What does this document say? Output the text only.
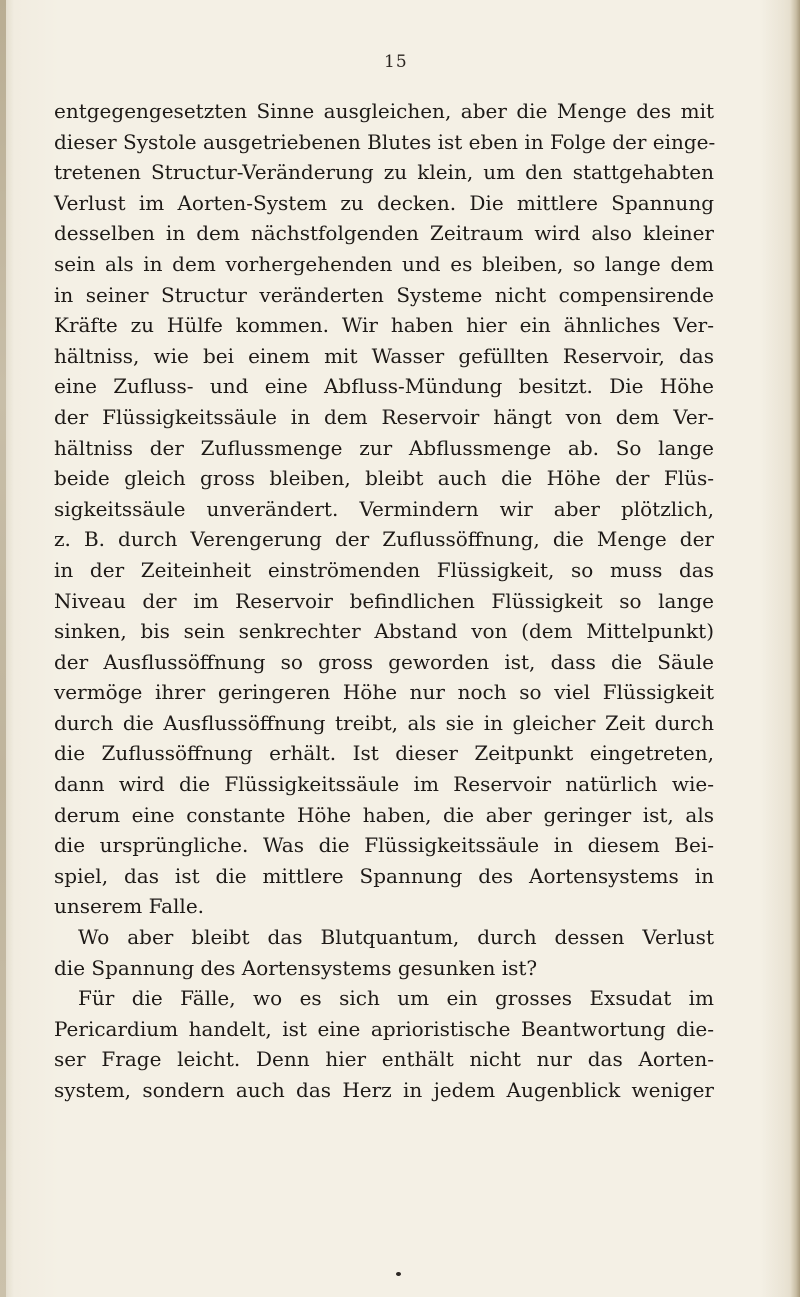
15
entgegengesetzten Sinne ausgleichen, aber die Menge des mit
dieser Systole ausgetriebenen Blutes ist eben in Folge der einge-
tretenen Structur-Veränderung zu klein, um den stattgehabten
Verlust im Aorten-System zu decken. Die mittlere Spannung
desselben in dem nächstfolgenden Zeitraum wird also kleiner
sein als in dem vorhergehenden und es bleiben, so lange dem
in seiner Structur veränderten Systeme nicht compensirende
Kräfte zu Hülfe kommen. Wir haben hier ein ähnliches Ver-
hältniss, wie bei einem mit Wasser gefüllten Reservoir, das
eine Zufluss- und eine Abfluss-Mündung besitzt. Die Höhe
der Flüssigkeitssäule in dem Reservoir hängt von dem Ver-
hältniss der Zuflussmenge zur Abflussmenge ab. So lange
beide gleich gross bleiben, bleibt auch die Höhe der Flüs-
sigkeitssäule unverändert. Vermindern wir aber plötzlich,
z. B. durch Verengerung der Zuflussöffnung, die Menge der
in der Zeiteinheit einströmenden Flüssigkeit, so muss das
Niveau der im Reservoir befindlichen Flüssigkeit so lange
sinken, bis sein senkrechter Abstand von (dem Mittelpunkt)
der Ausflussöffnung so gross geworden ist, dass die Säule
vermöge ihrer geringeren Höhe nur noch so viel Flüssigkeit
durch die Ausflussöffnung treibt, als sie in gleicher Zeit durch
die Zuflussöffnung erhält. Ist dieser Zeitpunkt eingetreten,
dann wird die Flüssigkeitssäule im Reservoir natürlich wie-
derum eine constante Höhe haben, die aber geringer ist, als
die ursprüngliche. Was die Flüssigkeitssäule in diesem Bei-
spiel, das ist die mittlere Spannung des Aortensystems in
unserem Falle.
Wo aber bleibt das Blutquantum, durch dessen Verlust
die Spannung des Aortensystems gesunken ist?
Für die Fälle, wo es sich um ein grosses Exsudat im
Pericardium handelt, ist eine aprioristische Beantwortung die-
ser Frage leicht. Denn hier enthält nicht nur das Aorten-
system, sondern auch das Herz in jedem Augenblick weniger
